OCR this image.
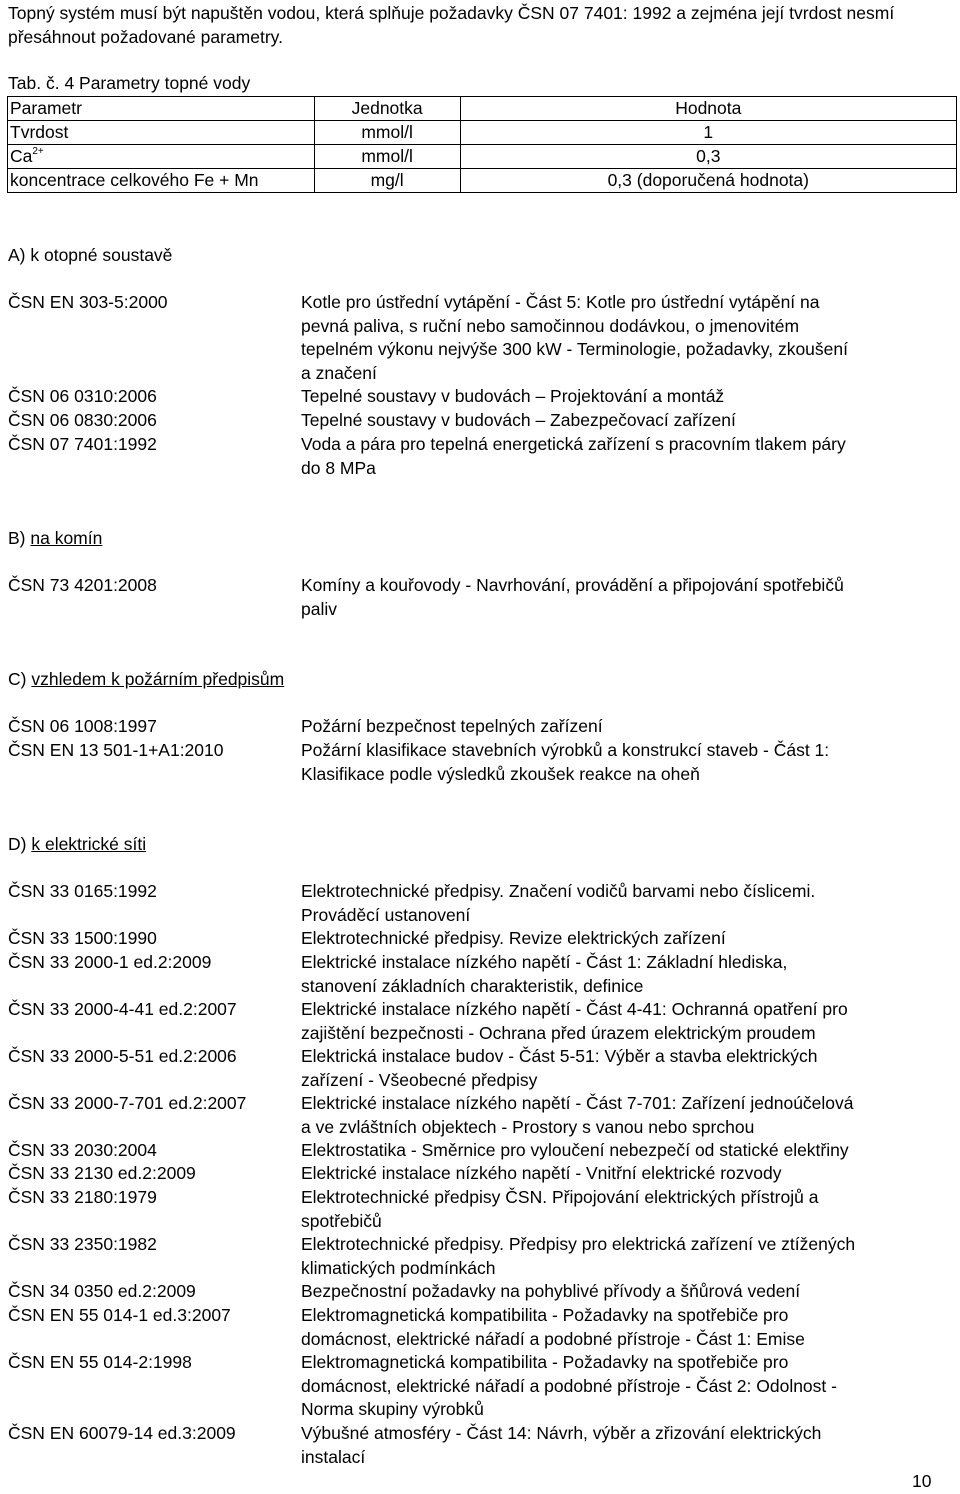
Topný systém musí být napuštěn vodou, která splňuje požadavky ČSN 07 7401: 1992 a zejména její tvrdost nesmí přesáhnout požadované parametry.
Tab. č. 4 Parametry topné vody
Parametr	Jednotka	Hodnota
Tvrdost	mmol/l	1
$Ca^{2+}$	mmol/l	0,3
koncentrace celkového Fe + Mn	mg/l	0,3 (doporučená hodnota)
A) k otopné soustavě
ČSN EN 303-5:2000	Kotle pro ústřední vytápění - Část 5: Kotle pro ústřední vytápění na
pevná paliva, s ruční nebo samočinnou dodávkou, o jmenovitém
tepelném výkonu nejvýše 300 kW - Terminologie, požadavky, zkoušení
a značení
ČSN 06 0310:2006	Tepelné soustavy v budovách – Projektování a montáž
ČSN 06 0830:2006	Tepelné soustavy v budovách – Zabezpečovací zařízení
ČSN 07 7401:1992	Voda a pára pro tepelná energetická zařízení s pracovním tlakem páry
do 8 MPa
B) na komín
ČSN 73 4201:2008	Komíny a kouřovody - Navrhování, provádění a připojování spotřebičů
paliv
C) vzhledem k požárním předpisům
ČSN 06 1008:1997	Požární bezpečnost tepelných zařízení
ČSN EN 13 501-1+A1:2010	Požární klasifikace stavebních výrobků a konstrukcí staveb - Část 1:
Klasifikace podle výsledků zkoušek reakce na oheň
D) k elektrické síti
ČSN 33 0165:1992	Elektrotechnické předpisy. Značení vodičů barvami nebo číslicemi.
Prováděcí ustanovení
ČSN 33 1500:1990	Elektrotechnické předpisy. Revize elektrických zařízení
ČSN 33 2000-1 ed.2:2009	Elektrické instalace nízkého napětí - Část 1: Základní hlediska,
stanovení základních charakteristik, definice
ČSN 33 2000-4-41 ed.2:2007	Elektrické instalace nízkého napětí - Část 4-41: Ochranná opatření pro
zajištění bezpečnosti - Ochrana před úrazem elektrickým proudem
ČSN 33 2000-5-51 ed.2:2006	Elektrická instalace budov - Část 5-51: Výběr a stavba elektrických
zařízení - Všeobecné předpisy
ČSN 33 2000-7-701 ed.2:2007	Elektrické instalace nízkého napětí - Část 7-701: Zařízení jednoúčelová
a ve zvláštních objektech - Prostory s vanou nebo sprchou
ČSN 33 2030:2004	Elektrostatika - Směrnice pro vyloučení nebezpečí od statické elektřiny
ČSN 33 2130 ed.2:2009	Elektrické instalace nízkého napětí - Vnitřní elektrické rozvody
ČSN 33 2180:1979	Elektrotechnické předpisy ČSN. Připojování elektrických přístrojů a
spotřebičů
ČSN 33 2350:1982	Elektrotechnické předpisy. Předpisy pro elektrická zařízení ve ztížených
klimatických podmínkách
ČSN 34 0350 ed.2:2009	Bezpečnostní požadavky na pohyblivé přívody a šňůrová vedení
ČSN EN 55 014-1 ed.3:2007	Elektromagnetická kompatibilita - Požadavky na spotřebiče pro
domácnost, elektrické nářadí a podobné přístroje - Část 1: Emise
ČSN EN 55 014-2:1998	Elektromagnetická kompatibilita - Požadavky na spotřebiče pro
domácnost, elektrické nářadí a podobné přístroje - Část 2: Odolnost -
Norma skupiny výrobků
ČSN EN 60079-14 ed.3:2009	Výbušné atmosféry - Část 14: Návrh, výběr a zřizování elektrických
instalací
10
